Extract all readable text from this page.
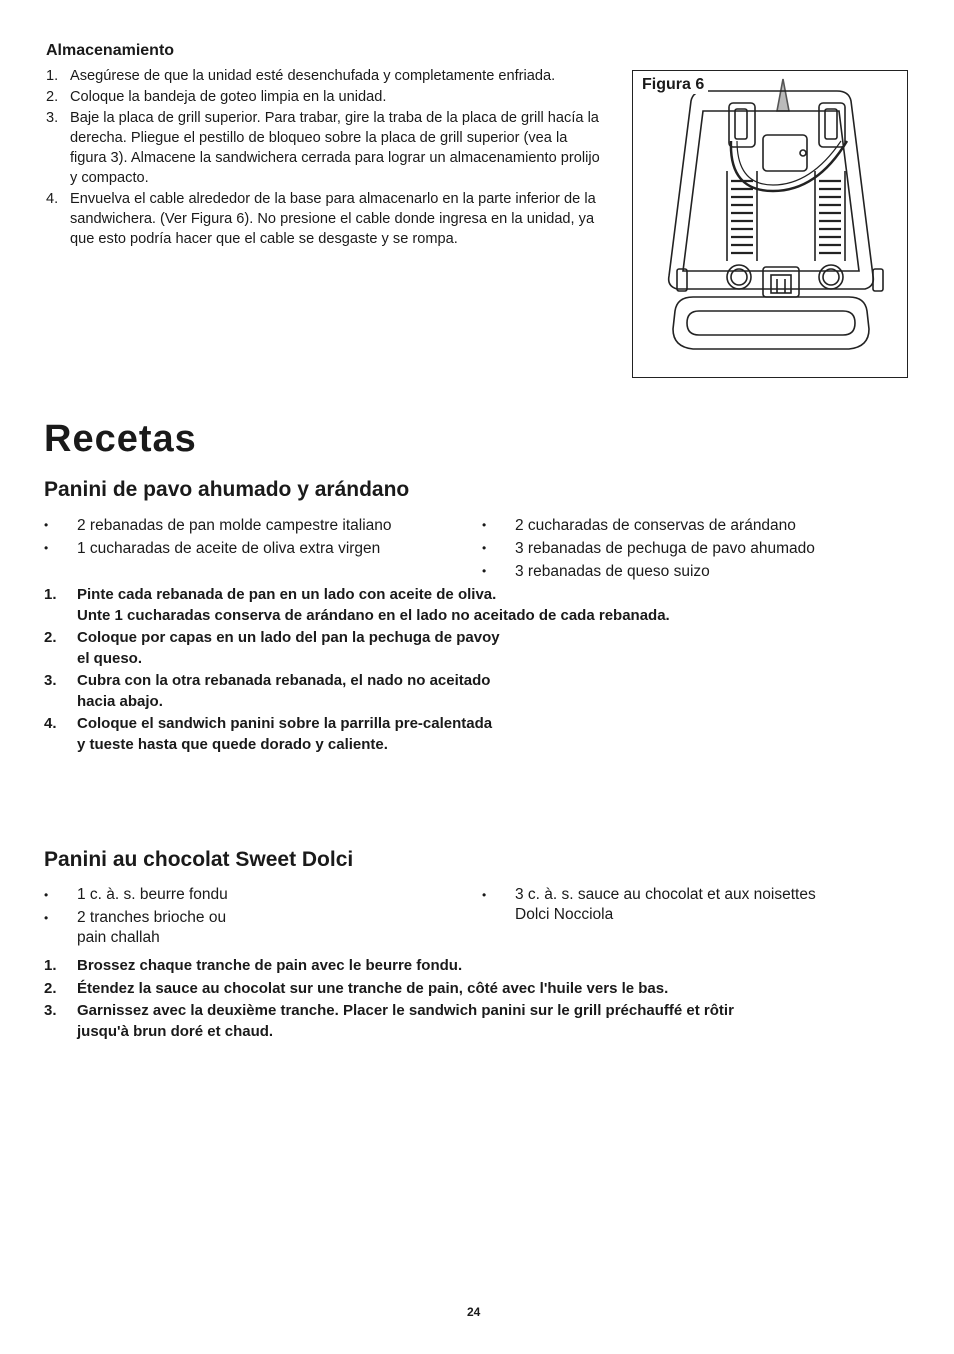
Almacenamiento
1. Asegúrese de que la unidad esté desenchufada y completamente enfriada.
2. Coloque la bandeja de goteo limpia en la unidad.
3. Baje la placa de grill superior. Para trabar, gire la traba de la placa de grill hacía la derecha. Pliegue el pestillo de bloqueo sobre la placa de grill superior (vea la figura 3). Almacene la sandwichera cerrada para lograr un almacenamiento prolijo y compacto.
4. Envuelva el cable alrededor de la base para almacenarlo en la parte inferior de la sandwichera. (Ver Figura 6). No presione el cable donde ingresa en la unidad, ya que esto podría hacer que el cable se desgaste y se rompa.
Figura 6
Recetas
Panini de pavo ahumado y arándano
• 2 rebanadas de pan molde campestre italiano
• 1 cucharadas de aceite de oliva extra virgen
• 2 cucharadas de conservas de arándano
• 3 rebanadas de pechuga de pavo ahumado
• 3 rebanadas de queso suizo
1. Pinte cada rebanada de pan en un lado con aceite de oliva.
Unte 1 cucharadas conserva de arándano en el lado no aceitado de cada rebanada.
2. Coloque por capas en un lado del pan la pechuga de pavoy
el queso.
3. Cubra con la otra rebanada rebanada, el nado no aceitado
hacia abajo.
4. Coloque el sandwich panini sobre la parrilla pre-calentada
y tueste hasta que quede dorado y caliente.
Panini au chocolat Sweet Dolci
• 1 c. à. s. beurre fondu
• 2 tranches brioche ou
pain challah
• 3 c. à. s. sauce au chocolat et aux noisettes
Dolci Nocciola
1. Brossez chaque tranche de pain avec le beurre fondu.
2. Étendez la sauce au chocolat sur une tranche de pain, côté avec l'huile vers le bas.
3. Garnissez avec la deuxième tranche. Placer le sandwich panini sur le grill préchauffé et rôtir
jusqu'à brun doré et chaud.
24
